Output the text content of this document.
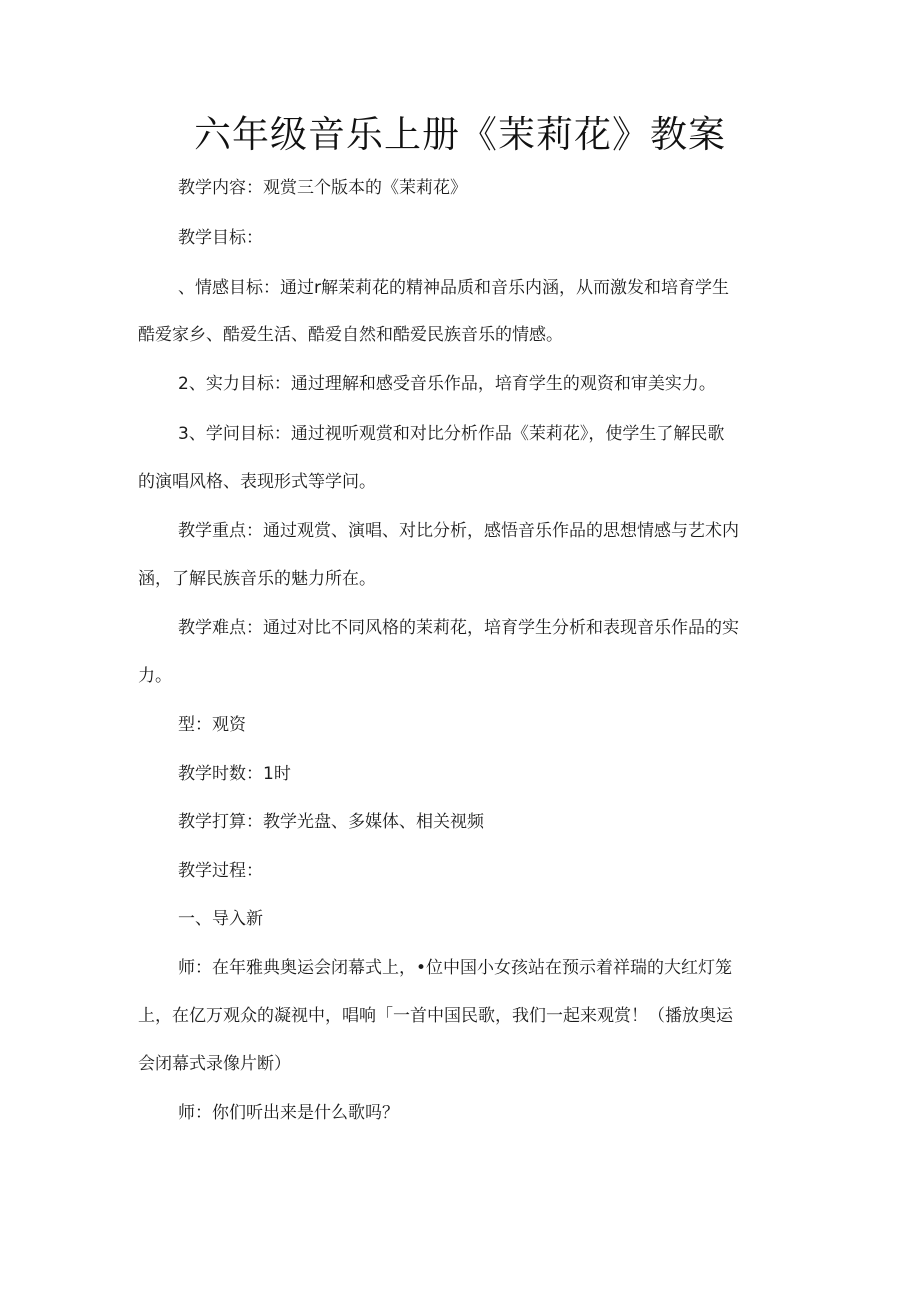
六年级音乐上册《茉莉花》教案
教学内容：观赏三个版本的《茉莉花》
教学目标：
、情感目标：通过r解茉莉花的精神品质和音乐内涵，从而激发和培育学生
酷爱家乡、酷爱生活、酷爱自然和酷爱民族音乐的情感。
2、实力目标：通过理解和感受音乐作品，培育学生的观资和审美实力。
3、学问目标：通过视听观赏和对比分析作品《茉莉花》，使学生了解民歌
的演唱风格、表现形式等学问。
教学重点：通过观赏、演唱、对比分析，感悟音乐作品的思想情感与艺术内
涵，了解民族音乐的魅力所在。
教学难点：通过对比不同风格的茉莉花，培育学生分析和表现音乐作品的实
力。
型：观资
教学时数：1时
教学打算：教学光盘、多媒体、相关视频
教学过程：
一、导入新
师：在年雅典奥运会闭幕式上，•位中国小女孩站在预示着祥瑞的大红灯笼
上，在亿万观众的凝视中，唱响「一首中国民歌，我们一起来观赏！（播放奥运
会闭幕式录像片断）
师：你们听出来是什么歌吗？
